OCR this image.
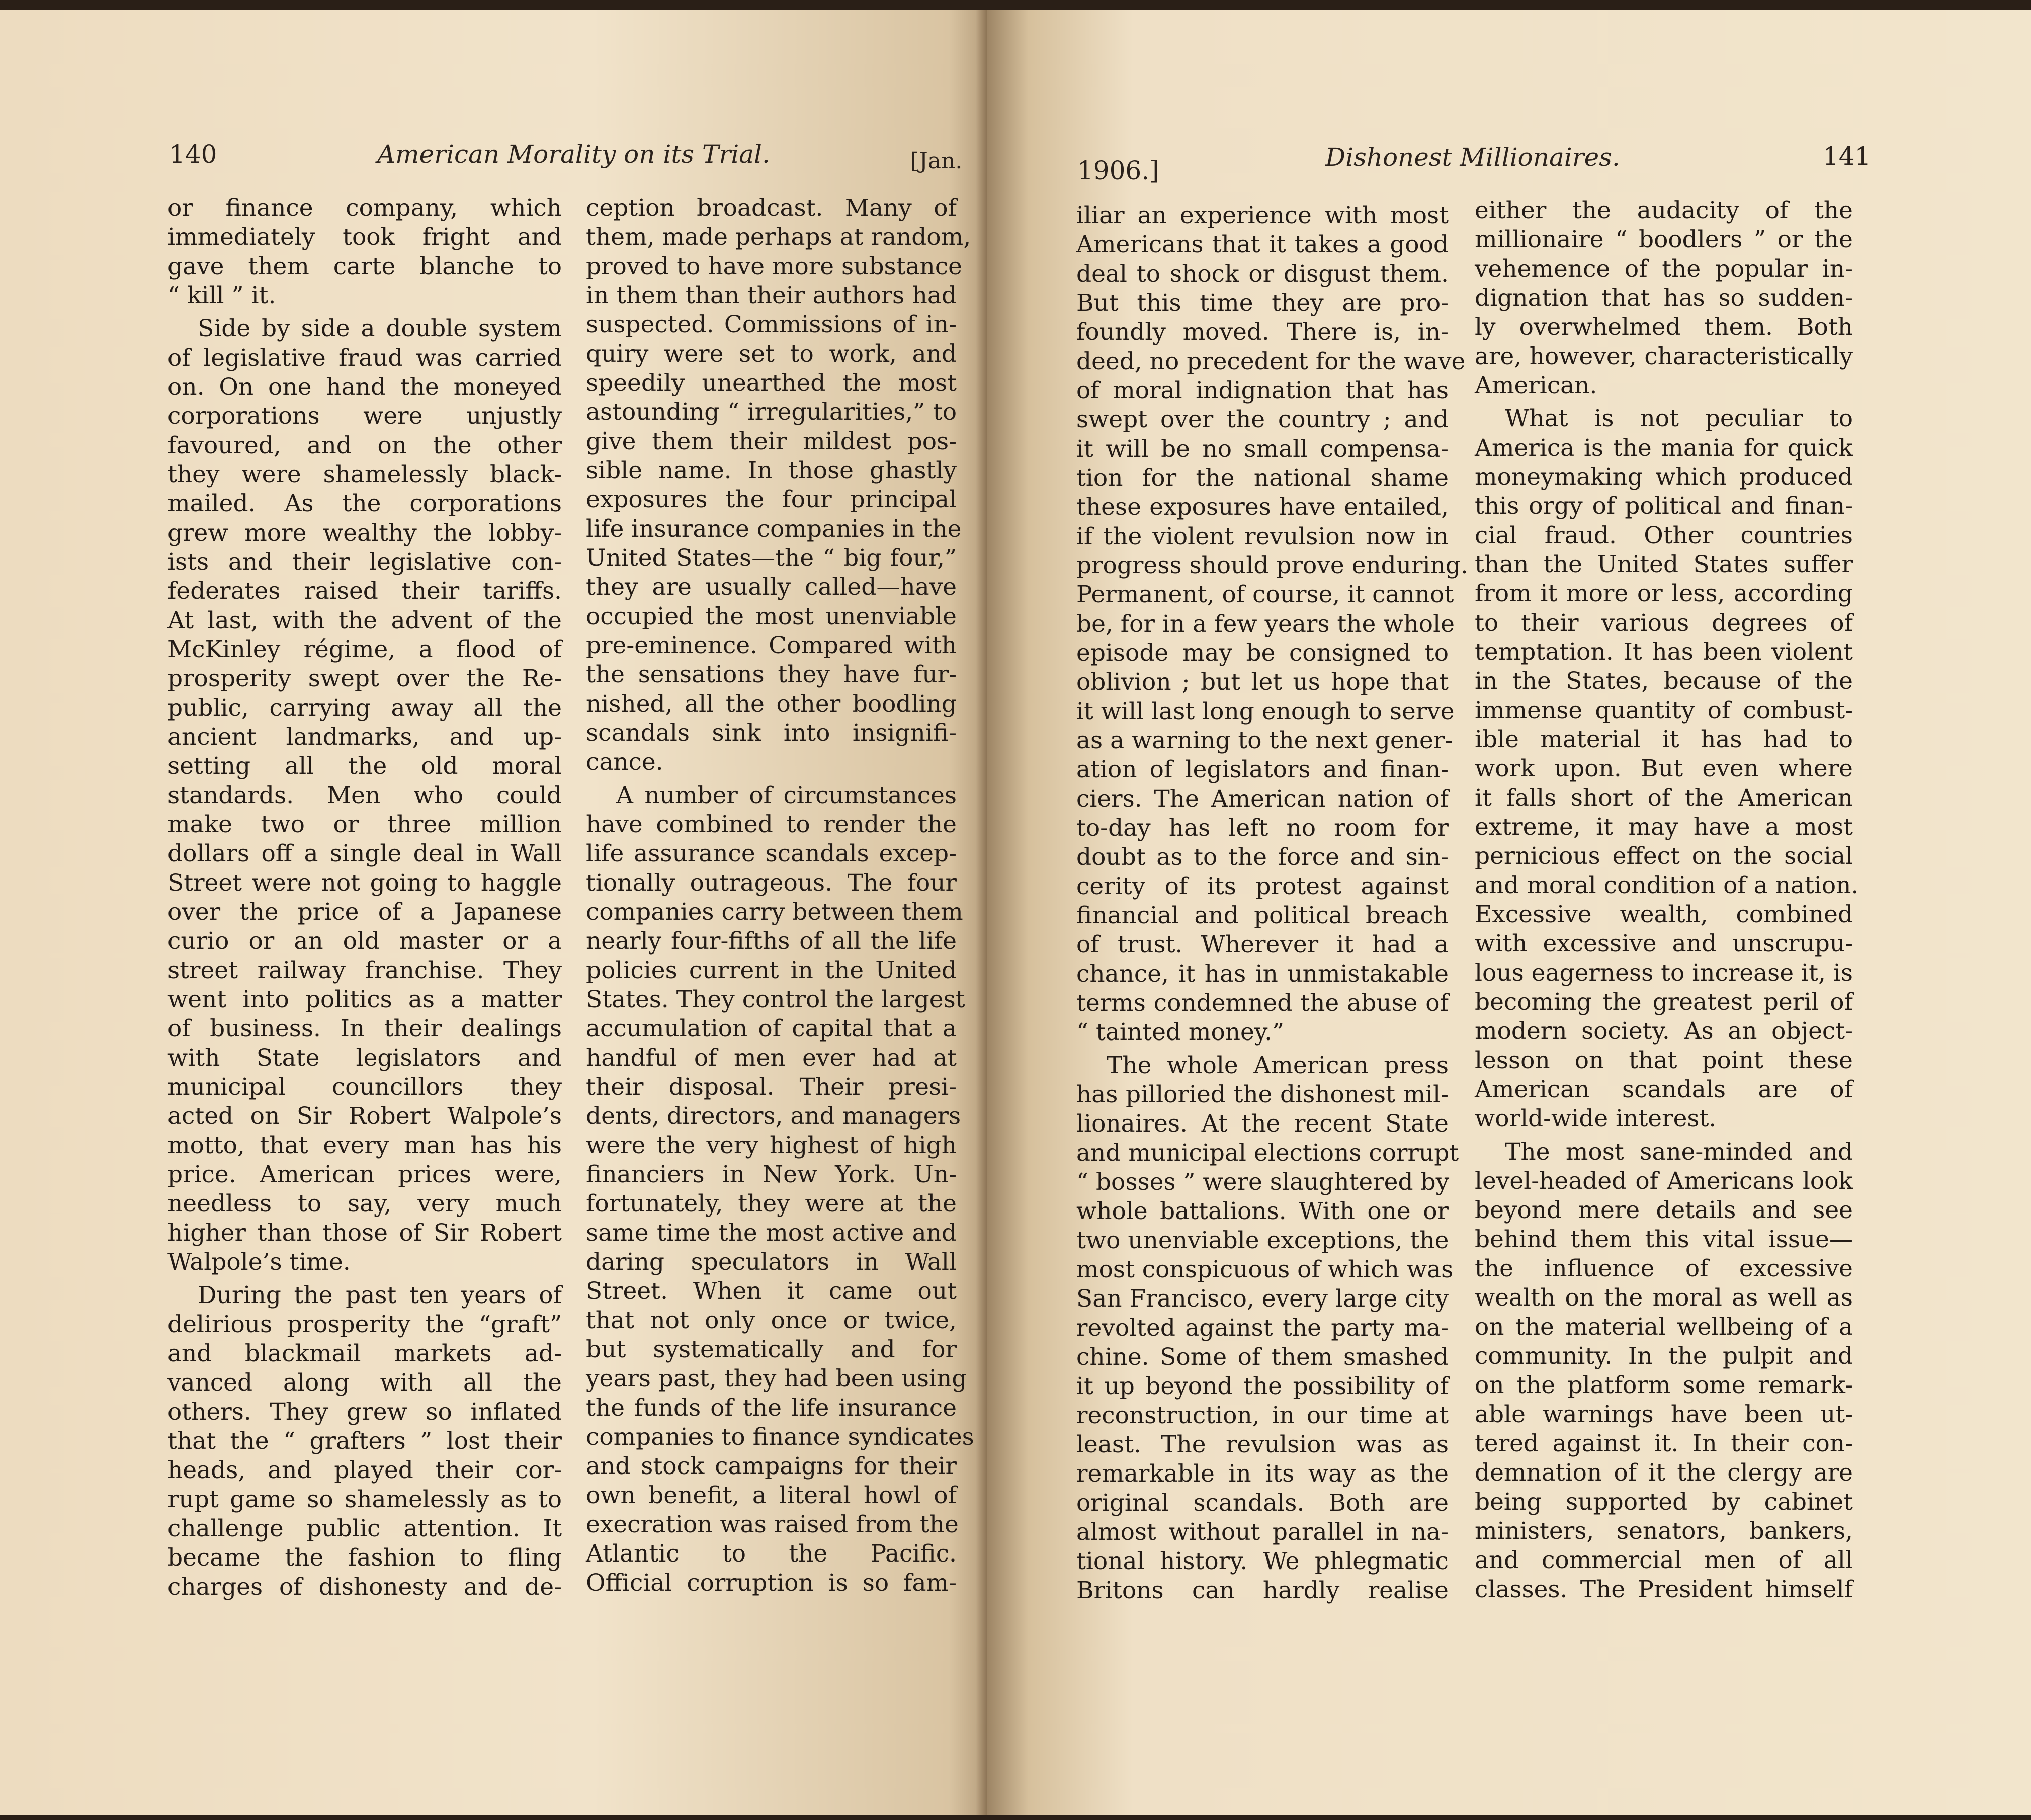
140	American Morality on its Trial.	[Jan.
or finance company, which
immediately took fright and
gave them carte blanche to
“ kill ” it.
Side by side a double system
of legislative fraud was carried
on. On one hand the moneyed
corporations were unjustly
favoured, and on the other
they were shamelessly black-
mailed. As the corporations
grew more wealthy the lobby-
ists and their legislative con-
federates raised their tariffs.
At last, with the advent of the
McKinley régime, a flood of
prosperity swept over the Re-
public, carrying away all the
ancient landmarks, and up-
setting all the old moral
standards. Men who could
make two or three million
dollars off a single deal in Wall
Street were not going to haggle
over the price of a Japanese
curio or an old master or a
street railway franchise. They
went into politics as a matter
of business. In their dealings
with State legislators and
municipal councillors they
acted on Sir Robert Walpole’s
motto, that every man has his
price. American prices were,
needless to say, very much
higher than those of Sir Robert
Walpole’s time.
During the past ten years of
delirious prosperity the “graft”
and blackmail markets ad-
vanced along with all the
others. They grew so inflated
that the “ grafters ” lost their
heads, and played their cor-
rupt game so shamelessly as to
challenge public attention. It
became the fashion to fling
charges of dishonesty and de-
ception broadcast. Many of
them, made perhaps at random,
proved to have more substance
in them than their authors had
suspected. Commissions of in-
quiry were set to work, and
speedily unearthed the most
astounding “ irregularities,” to
give them their mildest pos-
sible name. In those ghastly
exposures the four principal
life insurance companies in the
United States—the “ big four,”
they are usually called—have
occupied the most unenviable
pre-eminence. Compared with
the sensations they have fur-
nished, all the other boodling
scandals sink into insignifi-
cance.
A number of circumstances
have combined to render the
life assurance scandals excep-
tionally outrageous. The four
companies carry between them
nearly four-fifths of all the life
policies current in the United
States. They control the largest
accumulation of capital that a
handful of men ever had at
their disposal. Their presi-
dents, directors, and managers
were the very highest of high
financiers in New York. Un-
fortunately, they were at the
same time the most active and
daring speculators in Wall
Street. When it came out
that not only once or twice,
but systematically and for
years past, they had been using
the funds of the life insurance
companies to finance syndicates
and stock campaigns for their
own benefit, a literal howl of
execration was raised from the
Atlantic to the Pacific.
Official corruption is so fam-
1906.]	Dishonest Millionaires.	141
iliar an experience with most
Americans that it takes a good
deal to shock or disgust them.
But this time they are pro-
foundly moved. There is, in-
deed, no precedent for the wave
of moral indignation that has
swept over the country ; and
it will be no small compensa-
tion for the national shame
these exposures have entailed,
if the violent revulsion now in
progress should prove enduring.
Permanent, of course, it cannot
be, for in a few years the whole
episode may be consigned to
oblivion ; but let us hope that
it will last long enough to serve
as a warning to the next gener-
ation of legislators and finan-
ciers. The American nation of
to-day has left no room for
doubt as to the force and sin-
cerity of its protest against
financial and political breach
of trust. Wherever it had a
chance, it has in unmistakable
terms condemned the abuse of
“ tainted money.”
The whole American press
has pilloried the dishonest mil-
lionaires. At the recent State
and municipal elections corrupt
“ bosses ” were slaughtered by
whole battalions. With one or
two unenviable exceptions, the
most conspicuous of which was
San Francisco, every large city
revolted against the party ma-
chine. Some of them smashed
it up beyond the possibility of
reconstruction, in our time at
least. The revulsion was as
remarkable in its way as the
original scandals. Both are
almost without parallel in na-
tional history. We phlegmatic
Britons can hardly realise
either the audacity of the
millionaire “ boodlers ” or the
vehemence of the popular in-
dignation that has so sudden-
ly overwhelmed them. Both
are, however, characteristically
American.
What is not peculiar to
America is the mania for quick
moneymaking which produced
this orgy of political and finan-
cial fraud. Other countries
than the United States suffer
from it more or less, according
to their various degrees of
temptation. It has been violent
in the States, because of the
immense quantity of combust-
ible material it has had to
work upon. But even where
it falls short of the American
extreme, it may have a most
pernicious effect on the social
and moral condition of a nation.
Excessive wealth, combined
with excessive and unscrupu-
lous eagerness to increase it, is
becoming the greatest peril of
modern society. As an object-
lesson on that point these
American scandals are of
world-wide interest.
The most sane-minded and
level-headed of Americans look
beyond mere details and see
behind them this vital issue—
the influence of excessive
wealth on the moral as well as
on the material wellbeing of a
community. In the pulpit and
on the platform some remark-
able warnings have been ut-
tered against it. In their con-
demnation of it the clergy are
being supported by cabinet
ministers, senators, bankers,
and commercial men of all
classes. The President himself
